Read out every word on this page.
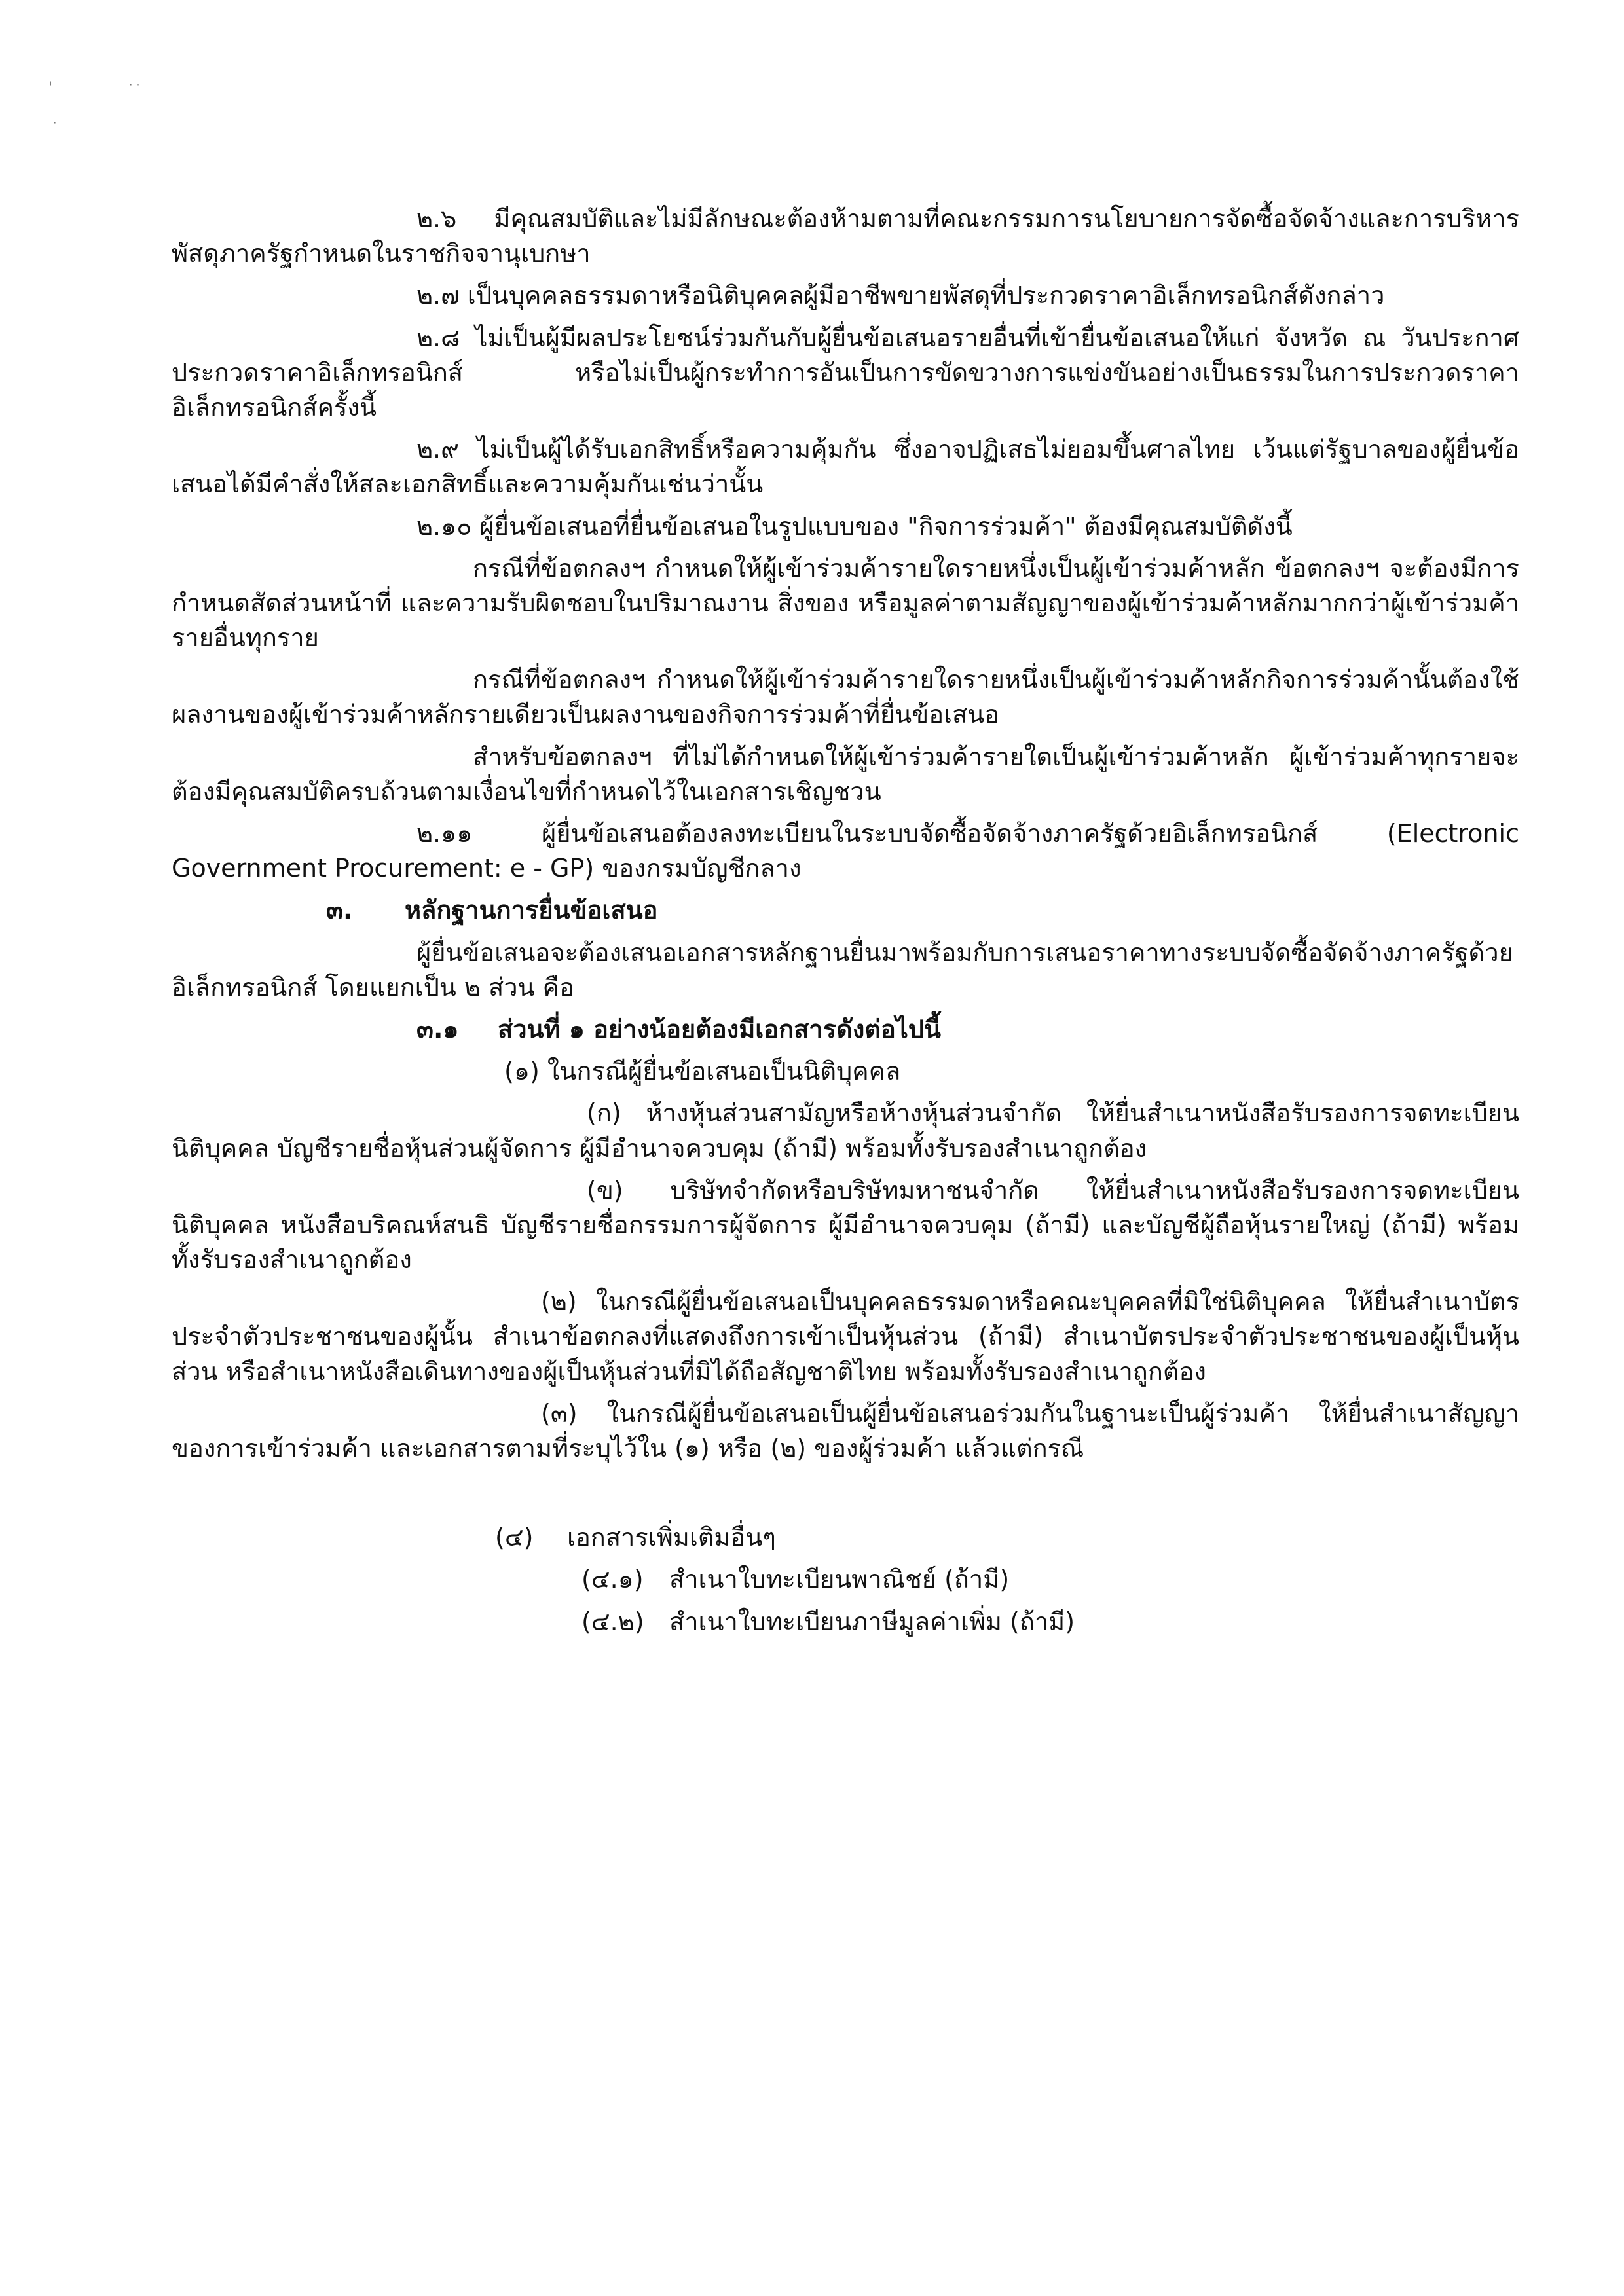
'	˙˙
˙

๒.๖ มีคุณสมบัติและไม่มีลักษณะต้องห้ามตามที่คณะกรรมการนโยบายการจัดซื้อจัดจ้างและการบริหารพัสดุภาครัฐกำหนดในราชกิจจานุเบกษา

๒.๗ เป็นบุคคลธรรมดาหรือนิติบุคคลผู้มีอาชีพขายพัสดุที่ประกวดราคาอิเล็กทรอนิกส์ดังกล่าว

๒.๘ ไม่เป็นผู้มีผลประโยชน์ร่วมกันกับผู้ยื่นข้อเสนอรายอื่นที่เข้ายื่นข้อเสนอให้แก่ จังหวัด ณ วันประกาศประกวดราคาอิเล็กทรอนิกส์ หรือไม่เป็นผู้กระทำการอันเป็นการขัดขวางการแข่งขันอย่างเป็นธรรมในการประกวดราคาอิเล็กทรอนิกส์ครั้งนี้

๒.๙ ไม่เป็นผู้ได้รับเอกสิทธิ์หรือความคุ้มกัน ซึ่งอาจปฏิเสธไม่ยอมขึ้นศาลไทย เว้นแต่รัฐบาลของผู้ยื่นข้อเสนอได้มีคำสั่งให้สละเอกสิทธิ์และความคุ้มกันเช่นว่านั้น

๒.๑๐ ผู้ยื่นข้อเสนอที่ยื่นข้อเสนอในรูปแบบของ "กิจการร่วมค้า" ต้องมีคุณสมบัติดังนี้

กรณีที่ข้อตกลงฯ กำหนดให้ผู้เข้าร่วมค้ารายใดรายหนึ่งเป็นผู้เข้าร่วมค้าหลัก ข้อตกลงฯ จะต้องมีการกำหนดสัดส่วนหน้าที่ และความรับผิดชอบในปริมาณงาน สิ่งของ หรือมูลค่าตามสัญญาของผู้เข้าร่วมค้าหลักมากกว่าผู้เข้าร่วมค้ารายอื่นทุกราย

กรณีที่ข้อตกลงฯ กำหนดให้ผู้เข้าร่วมค้ารายใดรายหนึ่งเป็นผู้เข้าร่วมค้าหลักกิจการร่วมค้านั้นต้องใช้ผลงานของผู้เข้าร่วมค้าหลักรายเดียวเป็นผลงานของกิจการร่วมค้าที่ยื่นข้อเสนอ

สำหรับข้อตกลงฯ ที่ไม่ได้กำหนดให้ผู้เข้าร่วมค้ารายใดเป็นผู้เข้าร่วมค้าหลัก ผู้เข้าร่วมค้าทุกรายจะต้องมีคุณสมบัติครบถ้วนตามเงื่อนไขที่กำหนดไว้ในเอกสารเชิญชวน

๒.๑๑ ผู้ยื่นข้อเสนอต้องลงทะเบียนในระบบจัดซื้อจัดจ้างภาครัฐด้วยอิเล็กทรอนิกส์ (Electronic Government Procurement: e - GP) ของกรมบัญชีกลาง

๓. หลักฐานการยื่นข้อเสนอ

ผู้ยื่นข้อเสนอจะต้องเสนอเอกสารหลักฐานยื่นมาพร้อมกับการเสนอราคาทางระบบจัดซื้อจัดจ้างภาครัฐด้วยอิเล็กทรอนิกส์ โดยแยกเป็น ๒ ส่วน คือ

๓.๑ ส่วนที่ ๑ อย่างน้อยต้องมีเอกสารดังต่อไปนี้

(๑) ในกรณีผู้ยื่นข้อเสนอเป็นนิติบุคคล

(ก) ห้างหุ้นส่วนสามัญหรือห้างหุ้นส่วนจำกัด ให้ยื่นสำเนาหนังสือรับรองการจดทะเบียนนิติบุคคล บัญชีรายชื่อหุ้นส่วนผู้จัดการ ผู้มีอำนาจควบคุม (ถ้ามี) พร้อมทั้งรับรองสำเนาถูกต้อง

(ข) บริษัทจำกัดหรือบริษัทมหาชนจำกัด ให้ยื่นสำเนาหนังสือรับรองการจดทะเบียนนิติบุคคล หนังสือบริคณห์สนธิ บัญชีรายชื่อกรรมการผู้จัดการ ผู้มีอำนาจควบคุม (ถ้ามี) และบัญชีผู้ถือหุ้นรายใหญ่ (ถ้ามี) พร้อมทั้งรับรองสำเนาถูกต้อง

(๒) ในกรณีผู้ยื่นข้อเสนอเป็นบุคคลธรรมดาหรือคณะบุคคลที่มิใช่นิติบุคคล ให้ยื่นสำเนาบัตรประจำตัวประชาชนของผู้นั้น สำเนาข้อตกลงที่แสดงถึงการเข้าเป็นหุ้นส่วน (ถ้ามี) สำเนาบัตรประจำตัวประชาชนของผู้เป็นหุ้นส่วน หรือสำเนาหนังสือเดินทางของผู้เป็นหุ้นส่วนที่มิได้ถือสัญชาติไทย พร้อมทั้งรับรองสำเนาถูกต้อง

(๓) ในกรณีผู้ยื่นข้อเสนอเป็นผู้ยื่นข้อเสนอร่วมกันในฐานะเป็นผู้ร่วมค้า ให้ยื่นสำเนาสัญญาของการเข้าร่วมค้า และเอกสารตามที่ระบุไว้ใน (๑) หรือ (๒) ของผู้ร่วมค้า แล้วแต่กรณี

(๔) เอกสารเพิ่มเติมอื่นๆ
(๔.๑) สำเนาใบทะเบียนพาณิชย์ (ถ้ามี)
(๔.๒) สำเนาใบทะเบียนภาษีมูลค่าเพิ่ม (ถ้ามี)
